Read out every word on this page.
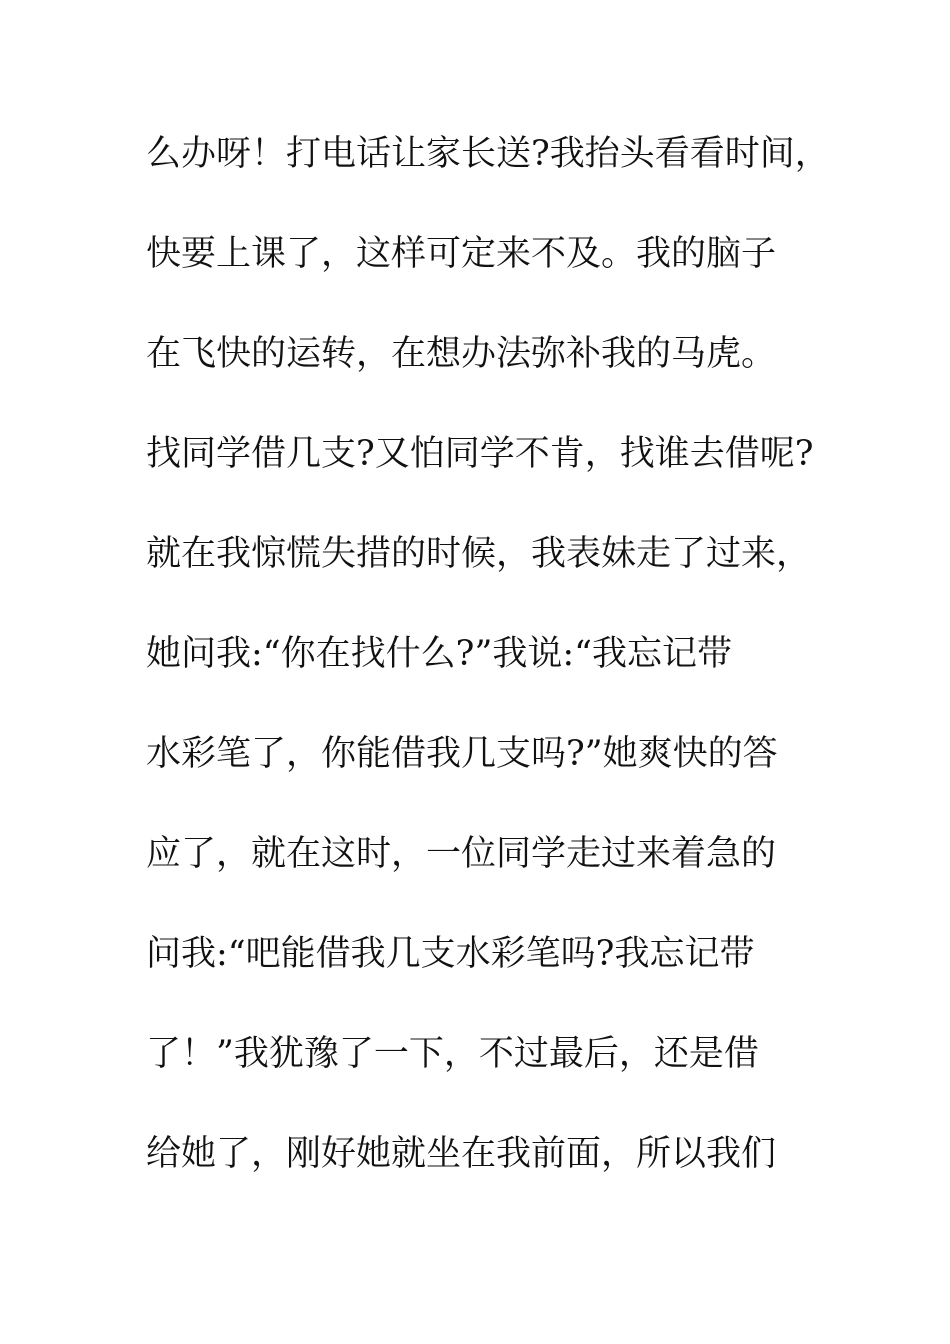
么办呀！打电话让家长送?我抬头看看时间，
快要上课了，这样可定来不及。我的脑子
在飞快的运转，在想办法弥补我的马虎。
找同学借几支?又怕同学不肯，找谁去借呢?
就在我惊慌失措的时候，我表妹走了过来，
她问我:“你在找什么?”我说:“我忘记带
水彩笔了，你能借我几支吗?”她爽快的答
应了，就在这时，一位同学走过来着急的
问我:“吧能借我几支水彩笔吗?我忘记带
了！”我犹豫了一下，不过最后，还是借
给她了，刚好她就坐在我前面，所以我们
